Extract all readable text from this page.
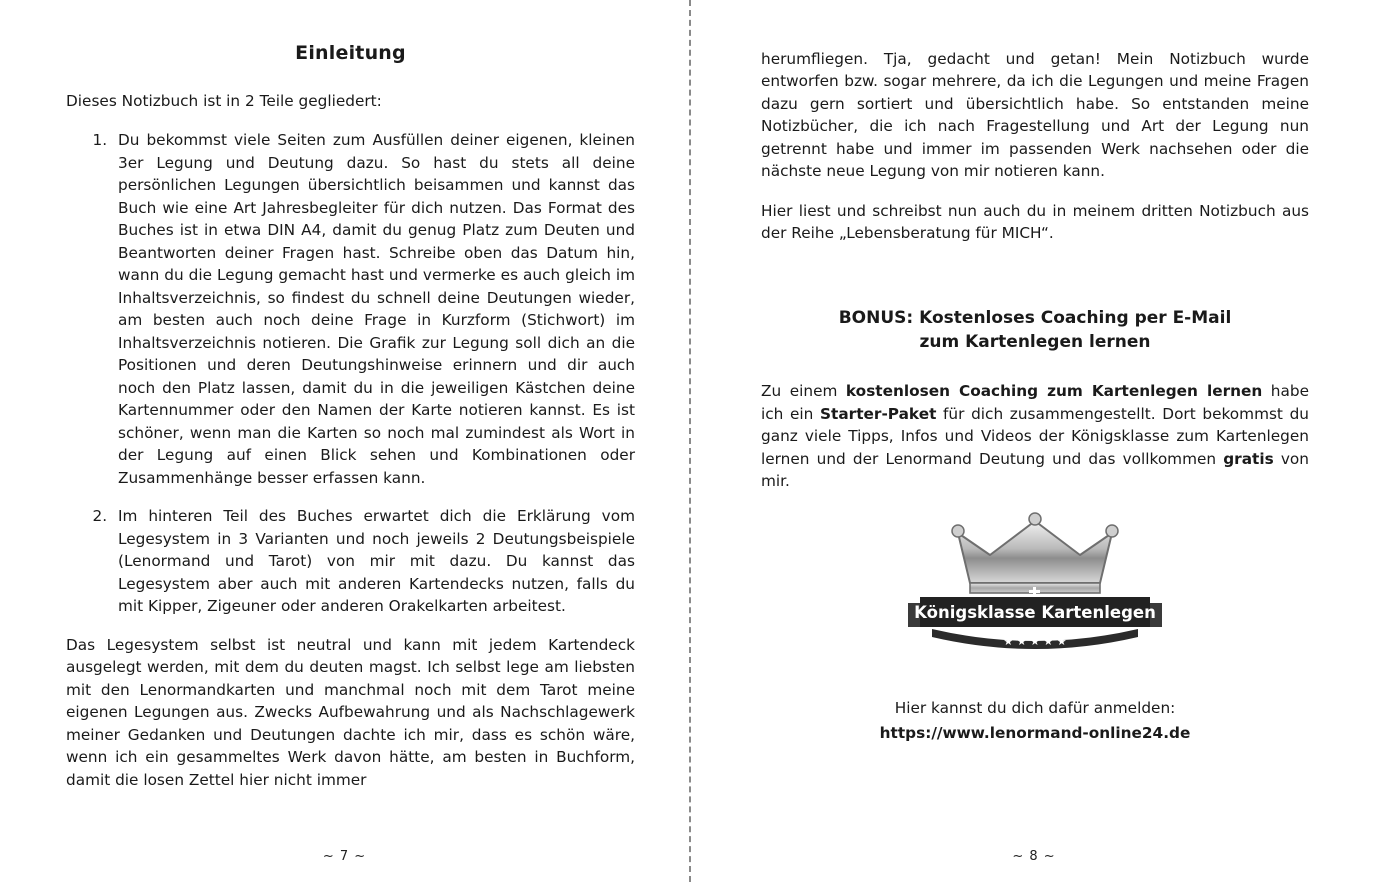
Einleitung

Dieses Notizbuch ist in 2 Teile gegliedert:

1. Du bekommst viele Seiten zum Ausfüllen deiner eigenen, kleinen 3er Legung und Deutung dazu. So hast du stets all deine persönlichen Legungen übersichtlich beisammen und kannst das Buch wie eine Art Jahresbegleiter für dich nutzen. Das Format des Buches ist in etwa DIN A4, damit du genug Platz zum Deuten und Beantworten deiner Fragen hast. Schreibe oben das Datum hin, wann du die Legung gemacht hast und vermerke es auch gleich im Inhaltsverzeichnis, so findest du schnell deine Deutungen wieder, am besten auch noch deine Frage in Kurzform (Stichwort) im Inhaltsverzeichnis notieren. Die Grafik zur Legung soll dich an die Positionen und deren Deutungshinweise erinnern und dir auch noch den Platz lassen, damit du in die jeweiligen Kästchen deine Kartennummer oder den Namen der Karte notieren kannst. Es ist schöner, wenn man die Karten so noch mal zumindest als Wort in der Legung auf einen Blick sehen und Kombinationen oder Zusammenhänge besser erfassen kann.
2. Im hinteren Teil des Buches erwartet dich die Erklärung vom Legesystem in 3 Varianten und noch jeweils 2 Deutungsbeispiele (Lenormand und Tarot) von mir mit dazu. Du kannst das Legesystem aber auch mit anderen Kartendecks nutzen, falls du mit Kipper, Zigeuner oder anderen Orakelkarten arbeitest.

Das Legesystem selbst ist neutral und kann mit jedem Kartendeck ausgelegt werden, mit dem du deuten magst. Ich selbst lege am liebsten mit den Lenormandkarten und manchmal noch mit dem Tarot meine eigenen Legungen aus. Zwecks Aufbewahrung und als Nachschlagewerk meiner Gedanken und Deutungen dachte ich mir, dass es schön wäre, wenn ich ein gesammeltes Werk davon hätte, am besten in Buchform, damit die losen Zettel hier nicht immer

~ 7 ~

herumfliegen. Tja, gedacht und getan! Mein Notizbuch wurde entworfen bzw. sogar mehrere, da ich die Legungen und meine Fragen dazu gern sortiert und übersichtlich habe. So entstanden meine Notizbücher, die ich nach Fragestellung und Art der Legung nun getrennt habe und immer im passenden Werk nachsehen oder die nächste neue Legung von mir notieren kann.

Hier liest und schreibst nun auch du in meinem dritten Notizbuch aus der Reihe „Lebensberatung für MICH“.

BONUS: Kostenloses Coaching per E-Mail
zum Kartenlegen lernen

Zu einem kostenlosen Coaching zum Kartenlegen lernen habe ich ein Starter-Paket für dich zusammengestellt. Dort bekommst du ganz viele Tipps, Infos und Videos der Königsklasse zum Kartenlegen lernen und der Lenormand Deutung und das vollkommen gratis von mir.

Königsklasse Kartenlegen
★ ★ ★ ★ ★
Hier kannst du dich dafür anmelden:
https://www.lenormand-online24.de
~ 8 ~
